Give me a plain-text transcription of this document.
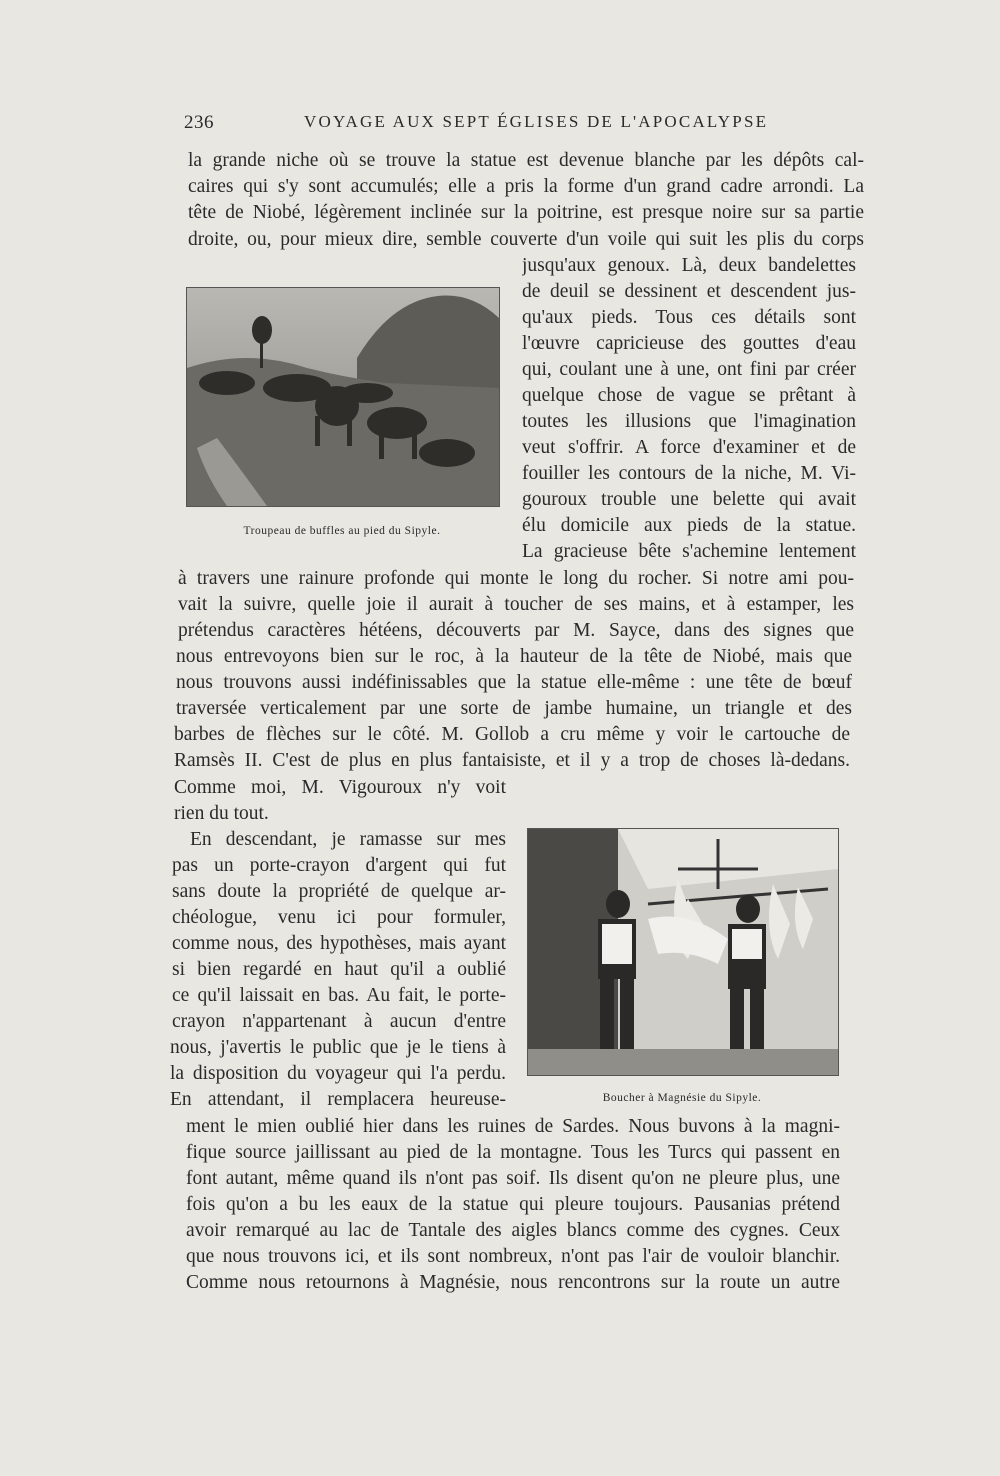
236	VOYAGE AUX SEPT ÉGLISES DE L'APOCALYPSE
la grande niche où se trouve la statue est devenue blanche par les dépôts cal-
caires qui s'y sont accumulés; elle a pris la forme d'un grand cadre arrondi. La
tête de Niobé, légèrement inclinée sur la poitrine, est presque noire sur sa partie
droite, ou, pour mieux dire, semble couverte d'un voile qui suit les plis du corps
jusqu'aux genoux. Là, deux bandelettes
de deuil se dessinent et descendent jus-
qu'aux pieds. Tous ces détails sont
l'œuvre capricieuse des gouttes d'eau
qui, coulant une à une, ont fini par créer
quelque chose de vague se prêtant à
toutes les illusions que l'imagination
veut s'offrir. A force d'examiner et de
fouiller les contours de la niche, M. Vi-
gouroux trouble une belette qui avait
élu domicile aux pieds de la statue.
La gracieuse bête s'achemine lentement
à travers une rainure profonde qui monte le long du rocher. Si notre ami pou-
vait la suivre, quelle joie il aurait à toucher de ses mains, et à estamper, les
prétendus caractères hétéens, découverts par M. Sayce, dans des signes que
nous entrevoyons bien sur le roc, à la hauteur de la tête de Niobé, mais que
nous trouvons aussi indéfinissables que la statue elle-même : une tête de bœuf
traversée verticalement par une sorte de jambe humaine, un triangle et des
barbes de flèches sur le côté. M. Gollob a cru même y voir le cartouche de
Ramsès II. C'est de plus en plus fantaisiste, et il y a trop de choses là-dedans.
Comme moi, M. Vigouroux n'y voit
rien du tout.
En descendant, je ramasse sur mes
pas un porte-crayon d'argent qui fut
sans doute la propriété de quelque ar-
chéologue, venu ici pour formuler,
comme nous, des hypothèses, mais ayant
si bien regardé en haut qu'il a oublié
ce qu'il laissait en bas. Au fait, le porte-
crayon n'appartenant à aucun d'entre
nous, j'avertis le public que je le tiens à
la disposition du voyageur qui l'a perdu.
En attendant, il remplacera heureuse-
ment le mien oublié hier dans les ruines de Sardes. Nous buvons à la magni-
fique source jaillissant au pied de la montagne. Tous les Turcs qui passent en
font autant, même quand ils n'ont pas soif. Ils disent qu'on ne pleure plus, une
fois qu'on a bu les eaux de la statue qui pleure toujours. Pausanias prétend
avoir remarqué au lac de Tantale des aigles blancs comme des cygnes. Ceux
que nous trouvons ici, et ils sont nombreux, n'ont pas l'air de vouloir blanchir.
Comme nous retournons à Magnésie, nous rencontrons sur la route un autre
Troupeau de buffles au pied du Sipyle.
Boucher à Magnésie du Sipyle.
